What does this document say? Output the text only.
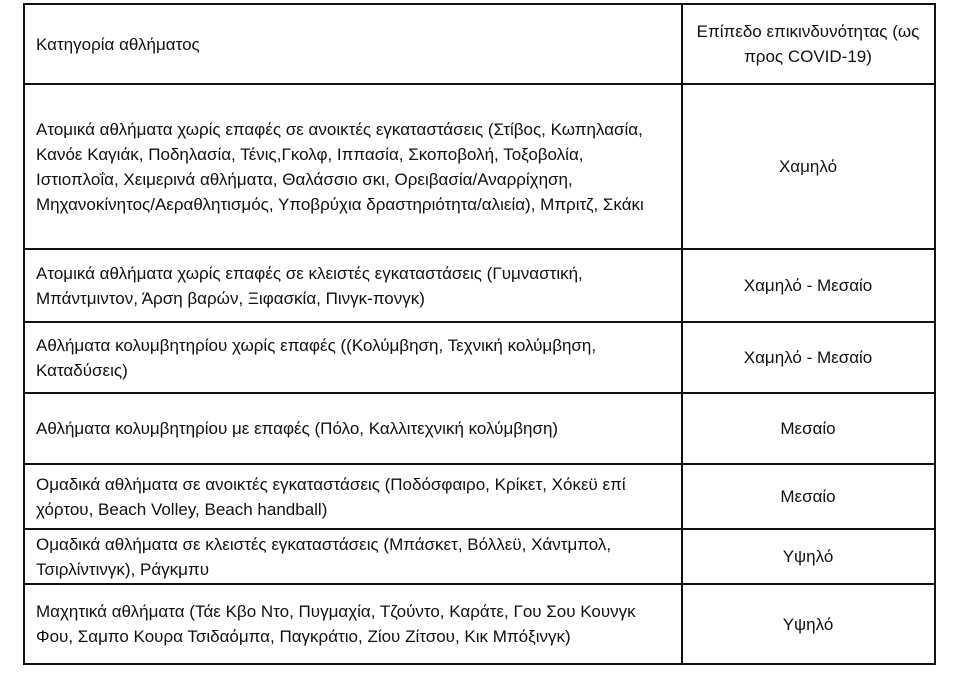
Κατηγορία αθλήματος	Επίπεδο επικινδυνότητας (ως προς COVID-19)
Ατομικά αθλήματα χωρίς επαφές σε ανοικτές εγκαταστάσεις (Στίβος, Κωπηλασία, Κανόε Καγιάκ, Ποδηλασία, Τένις,Γκολφ, Ιππασία, Σκοποβολή, Τοξοβολία, Ιστιοπλοΐα, Χειμερινά αθλήματα, Θαλάσσιο σκι, Ορειβασία/Αναρρίχηση, Μηχανοκίνητος/Αεραθλητισμός, Υποβρύχια δραστηριότητα/αλιεία), Μπριτζ, Σκάκι	Χαμηλό
Ατομικά αθλήματα χωρίς επαφές σε κλειστές εγκαταστάσεις (Γυμναστική, Μπάντμιντον, Άρση βαρών, Ξιφασκία, Πινγκ-πονγκ)	Χαμηλό - Μεσαίο
Αθλήματα κολυμβητηρίου χωρίς επαφές ((Κολύμβηση, Τεχνική κολύμβηση, Καταδύσεις)	Χαμηλό - Μεσαίο
Αθλήματα κολυμβητηρίου με επαφές (Πόλο, Καλλιτεχνική κολύμβηση)	Μεσαίο
Ομαδικά αθλήματα σε ανοικτές εγκαταστάσεις (Ποδόσφαιρο, Κρίκετ, Χόκεϋ επί χόρτου, Beach Volley, Beach handball)	Μεσαίο
Ομαδικά αθλήματα σε κλειστές εγκαταστάσεις (Μπάσκετ, Βόλλεϋ, Χάντμπολ, Τσιρλίντινγκ), Ράγκμπυ	Υψηλό
Μαχητικά αθλήματα (Τάε Κβο Ντο, Πυγμαχία, Τζούντο, Καράτε, Γου Σου Κουνγκ Φου, Σαμπο Κουρα Τσιδαόμπα, Παγκράτιο, Ζίου Ζίτσου, Κικ Μπόξινγκ)	Υψηλό
